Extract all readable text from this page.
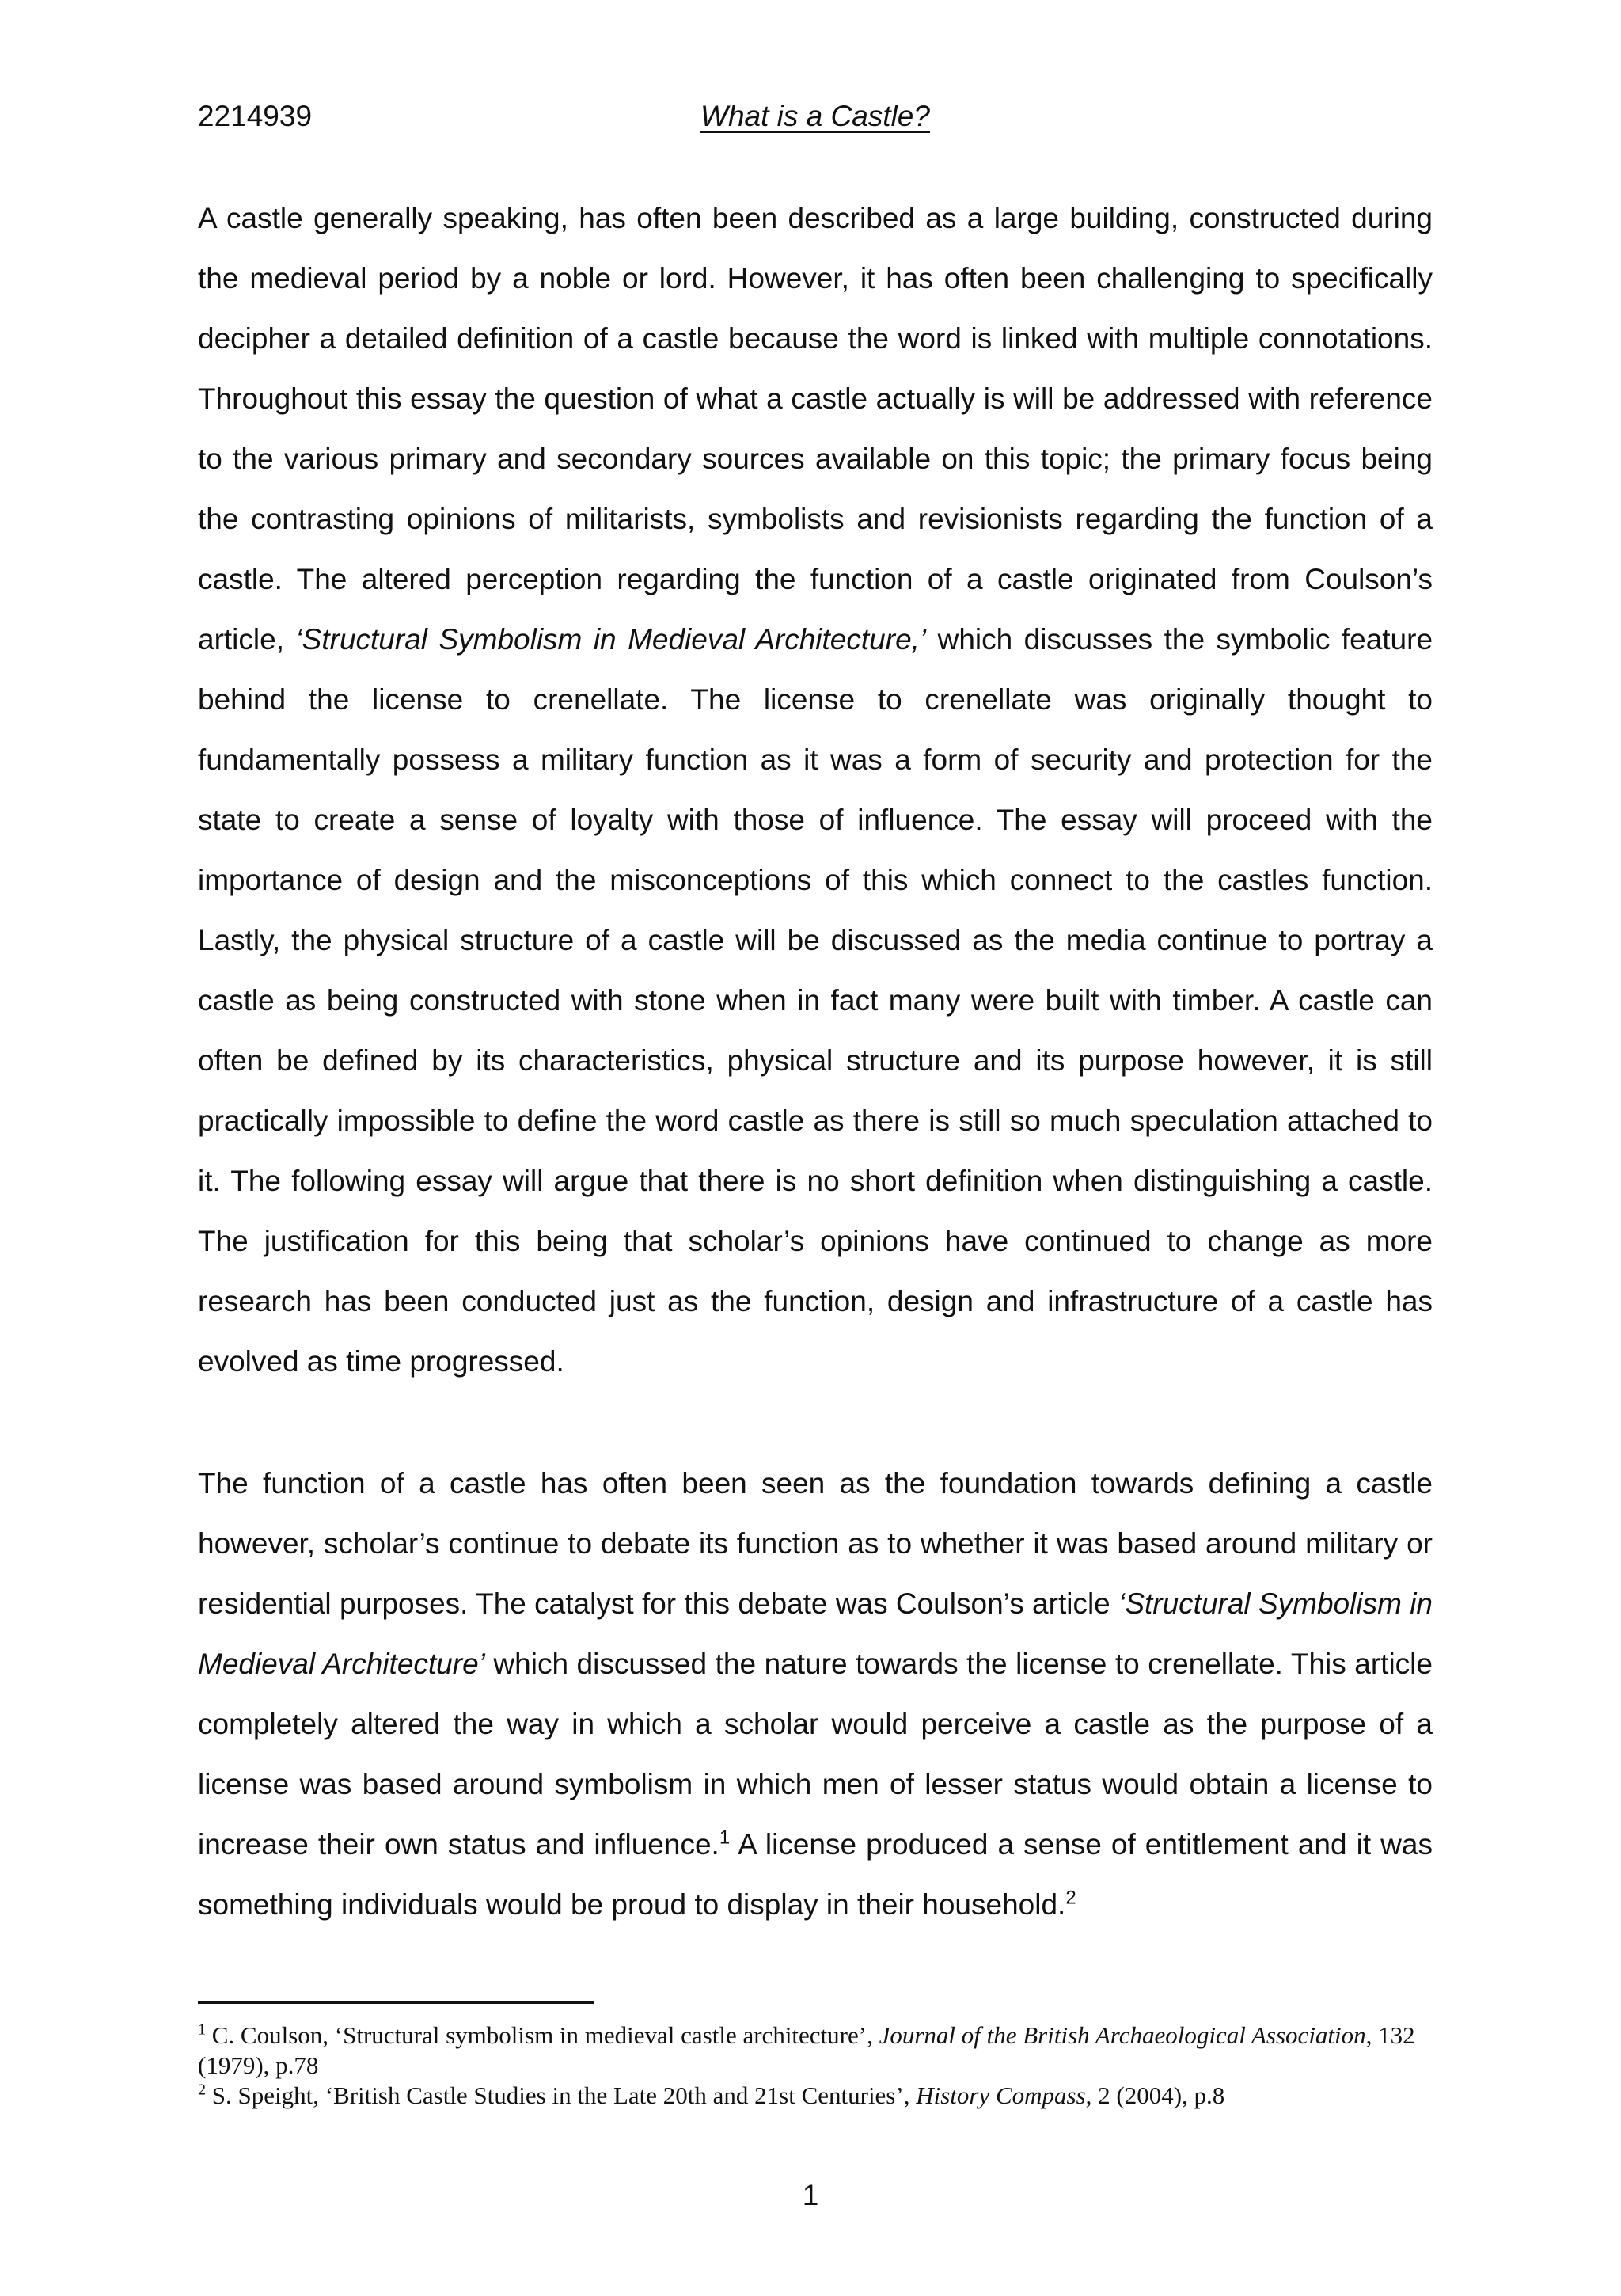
2214939	What is a Castle?

A castle generally speaking, has often been described as a large building, constructed during the medieval period by a noble or lord. However, it has often been challenging to specifically decipher a detailed definition of a castle because the word is linked with multiple connotations. Throughout this essay the question of what a castle actually is will be addressed with reference to the various primary and secondary sources available on this topic; the primary focus being the contrasting opinions of militarists, symbolists and revisionists regarding the function of a castle. The altered perception regarding the function of a castle originated from Coulson’s article, ‘Structural Symbolism in Medieval Architecture,’ which discusses the symbolic feature behind the license to crenellate. The license to crenellate was originally thought to fundamentally possess a military function as it was a form of security and protection for the state to create a sense of loyalty with those of influence. The essay will proceed with the importance of design and the misconceptions of this which connect to the castles function. Lastly, the physical structure of a castle will be discussed as the media continue to portray a castle as being constructed with stone when in fact many were built with timber. A castle can often be defined by its characteristics, physical structure and its purpose however, it is still practically impossible to define the word castle as there is still so much speculation attached to it. The following essay will argue that there is no short definition when distinguishing a castle. The justification for this being that scholar’s opinions have continued to change as more research has been conducted just as the function, design and infrastructure of a castle has evolved as time progressed.

The function of a castle has often been seen as the foundation towards defining a castle however, scholar’s continue to debate its function as to whether it was based around military or residential purposes. The catalyst for this debate was Coulson’s article ‘Structural Symbolism in Medieval Architecture’ which discussed the nature towards the license to crenellate. This article completely altered the way in which a scholar would perceive a castle as the purpose of a license was based around symbolism in which men of lesser status would obtain a license to increase their own status and influence.$^1$ A license produced a sense of entitlement and it was something individuals would be proud to display in their household.$^2$

$^1$ C. Coulson, ‘Structural symbolism in medieval castle architecture’, Journal of the British Archaeological Association, 132 (1979), p.78

$^2$ S. Speight, ‘British Castle Studies in the Late 20th and 21st Centuries’, History Compass, 2 (2004), p.8

1
